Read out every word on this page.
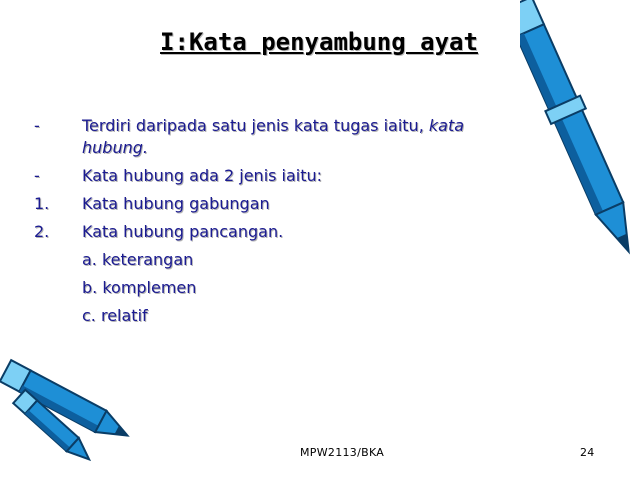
I:Kata penyambung ayat
-	Terdiri daripada satu jenis kata tugas iaitu, kata
hubung.
-	Kata hubung ada 2 jenis iaitu:
1.	Kata hubung gabungan
2.	Kata hubung pancangan.
a. keterangan
b. komplemen
c. relatif
MPW2113/BKA	24
